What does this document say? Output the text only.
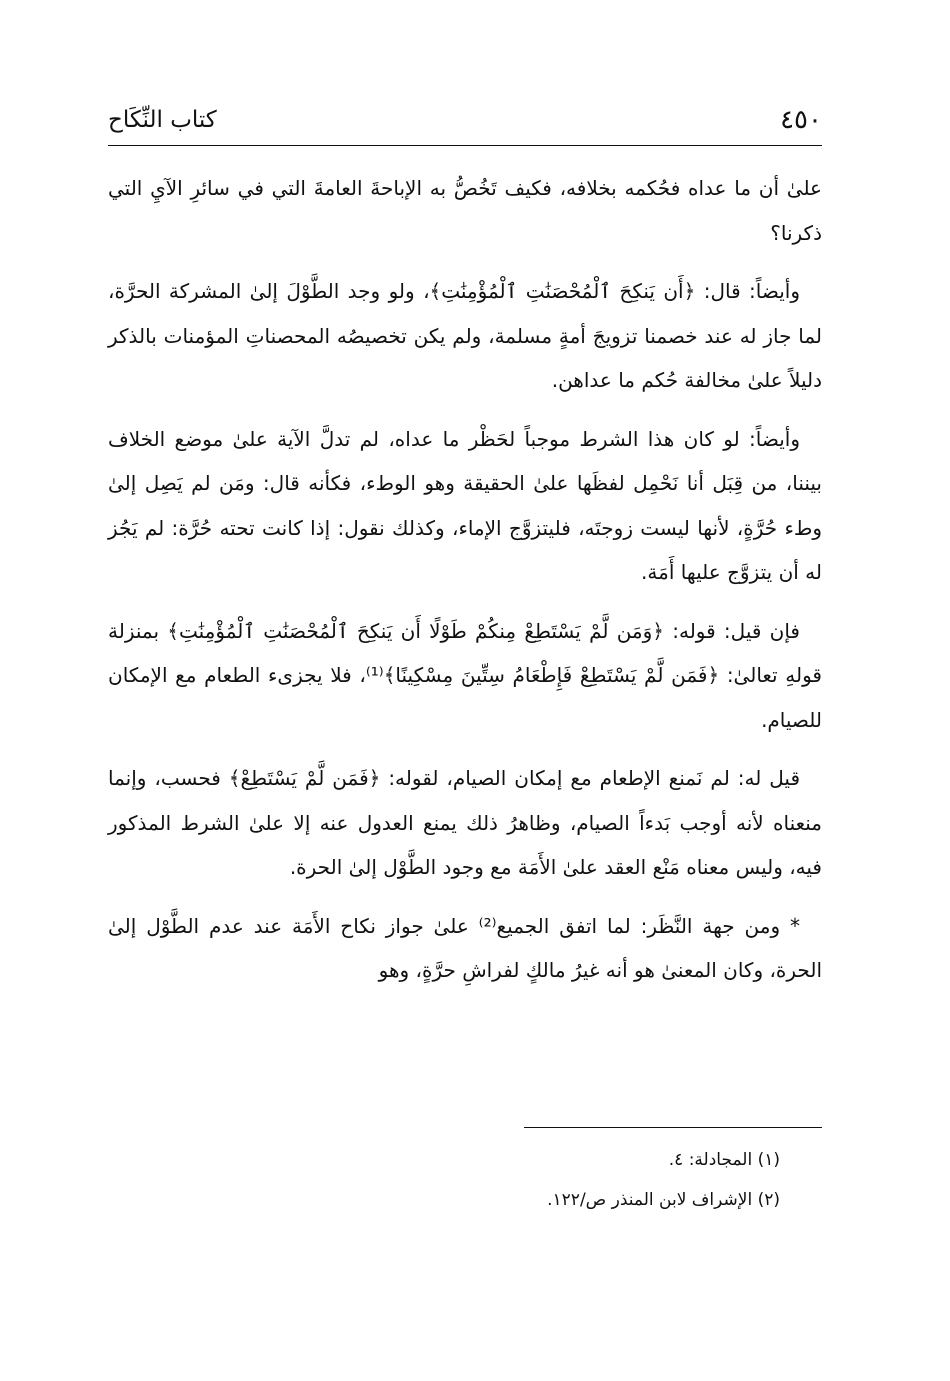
٤٥٠
كتاب النِّكَاح

علىٰ أن ما عداه فحُكمه بخلافه، فكيف تَخُصُّ به الإباحةَ العامةَ التي في سائرِ الآيِ التي ذكرنا؟

وأيضاً: قال: ﴿أَن يَنكِحَ ٱلْمُحْصَنَٰتِ ٱلْمُؤْمِنَٰتِ﴾، ولو وجد الطَّوْلَ إلىٰ المشركة الحرَّة، لما جاز له عند خصمنا تزويجَ أمةٍ مسلمة، ولم يكن تخصيصُه المحصناتِ المؤمنات بالذكر دليلاً علىٰ مخالفة حُكم ما عداهن.

وأيضاً: لو كان هذا الشرط موجباً لحَظْر ما عداه، لم تدلَّ الآية علىٰ موضع الخلاف بيننا، من قِبَل أنا نَحْمِل لفظَها علىٰ الحقيقة وهو الوطء، فكأنه قال: ومَن لم يَصِل إلىٰ وطء حُرَّةٍ، لأنها ليست زوجتَه، فليتزوَّج الإماء، وكذلك نقول: إذا كانت تحته حُرَّة: لم يَجُز له أن يتزوَّج عليها أَمَة.

فإن قيل: قوله: ﴿وَمَن لَّمْ يَسْتَطِعْ مِنكُمْ طَوْلًا أَن يَنكِحَ ٱلْمُحْصَنَٰتِ ٱلْمُؤْمِنَٰتِ﴾ بمنزلة قولهِ تعالىٰ: ﴿فَمَن لَّمْ يَسْتَطِعْ فَإِطْعَامُ سِتِّينَ مِسْكِينًا﴾⁽¹⁾، فلا يجزىء الطعام مع الإمكان للصيام.

قيل له: لم نَمنع الإطعام مع إمكان الصيام، لقوله: ﴿فَمَن لَّمْ يَسْتَطِعْ﴾ فحسب، وإنما منعناه لأنه أوجب بَدءاً الصيام، وظاهرُ ذلك يمنع العدول عنه إلا علىٰ الشرط المذكور فيه، وليس معناه مَنْع العقد علىٰ الأَمَة مع وجود الطَّوْل إلىٰ الحرة.

* ومن جهة النَّظَر: لما اتفق الجميع⁽²⁾ علىٰ جواز نكاح الأَمَة عند عدم الطَّوْل إلىٰ الحرة، وكان المعنىٰ هو أنه غيرُ مالكٍ لفراشِ حرَّةٍ، وهو

(١) المجادلة: ٤.

(٢) الإشراف لابن المنذر ص/١٢٢.
